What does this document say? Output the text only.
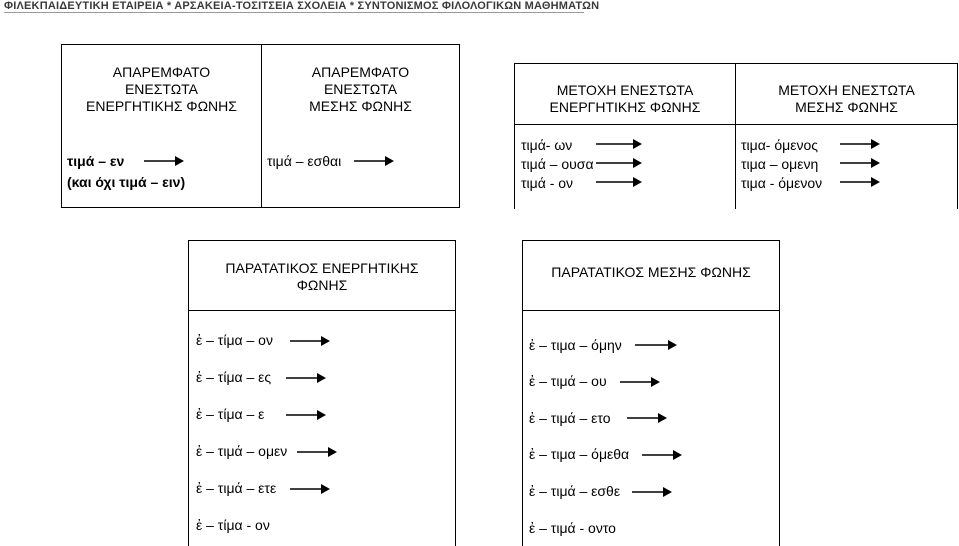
ΦΙΛΕΚΠΑΙΔΕΥΤΙΚΗ ΕΤΑΙΡΕΙΑ * ΑΡΣΑΚΕΙΑ-ΤΟΣΙΤΣΕΙΑ ΣΧΟΛΕΙΑ * ΣΥΝΤΟΝΙΣΜΟΣ ΦΙΛΟΛΟΓΙΚΩΝ ΜΑΘΗΜΑΤΩΝ
ΑΠΑΡΕΜΦΑΤΟ
ΕΝΕΣΤΩΤΑ
ΕΝΕΡΓΗΤΙΚΗΣ ΦΩΝΗΣ
ΑΠΑΡΕΜΦΑΤΟ
ΕΝΕΣΤΩΤΑ
ΜΕΣΗΣ ΦΩΝΗΣ
τιμά – εν
(και όχι τιμά – ειν)
τιμά – εσθαι
ΜΕΤΟΧΗ ΕΝΕΣΤΩΤΑ
ΕΝΕΡΓΗΤΙΚΗΣ ΦΩΝΗΣ
ΜΕΤΟΧΗ ΕΝΕΣΤΩΤΑ
ΜΕΣΗΣ ΦΩΝΗΣ
τιμά- ων
τιμά – ουσα
τιμά - ον
τιμα- όμενος
τιμα – ομενη
τιμα - όμενον
ΠΑΡΑΤΑΤΙΚΟΣ ΕΝΕΡΓΗΤΙΚΗΣ
ΦΩΝΗΣ
ἐ – τίμα – ον
ἐ – τίμα – ες
ἐ – τίμα – ε
ἐ – τιμά – ομεν
ἐ – τιμά – ετε
ἐ – τίμα - ον
ΠΑΡΑΤΑΤΙΚΟΣ ΜΕΣΗΣ ΦΩΝΗΣ
ἐ – τιμα – όμην
ἐ – τιμά – ου
ἐ – τιμά – ετο
ἐ – τιμα – όμεθα
ἐ – τιμά – εσθε
ἐ – τιμά - οντο
